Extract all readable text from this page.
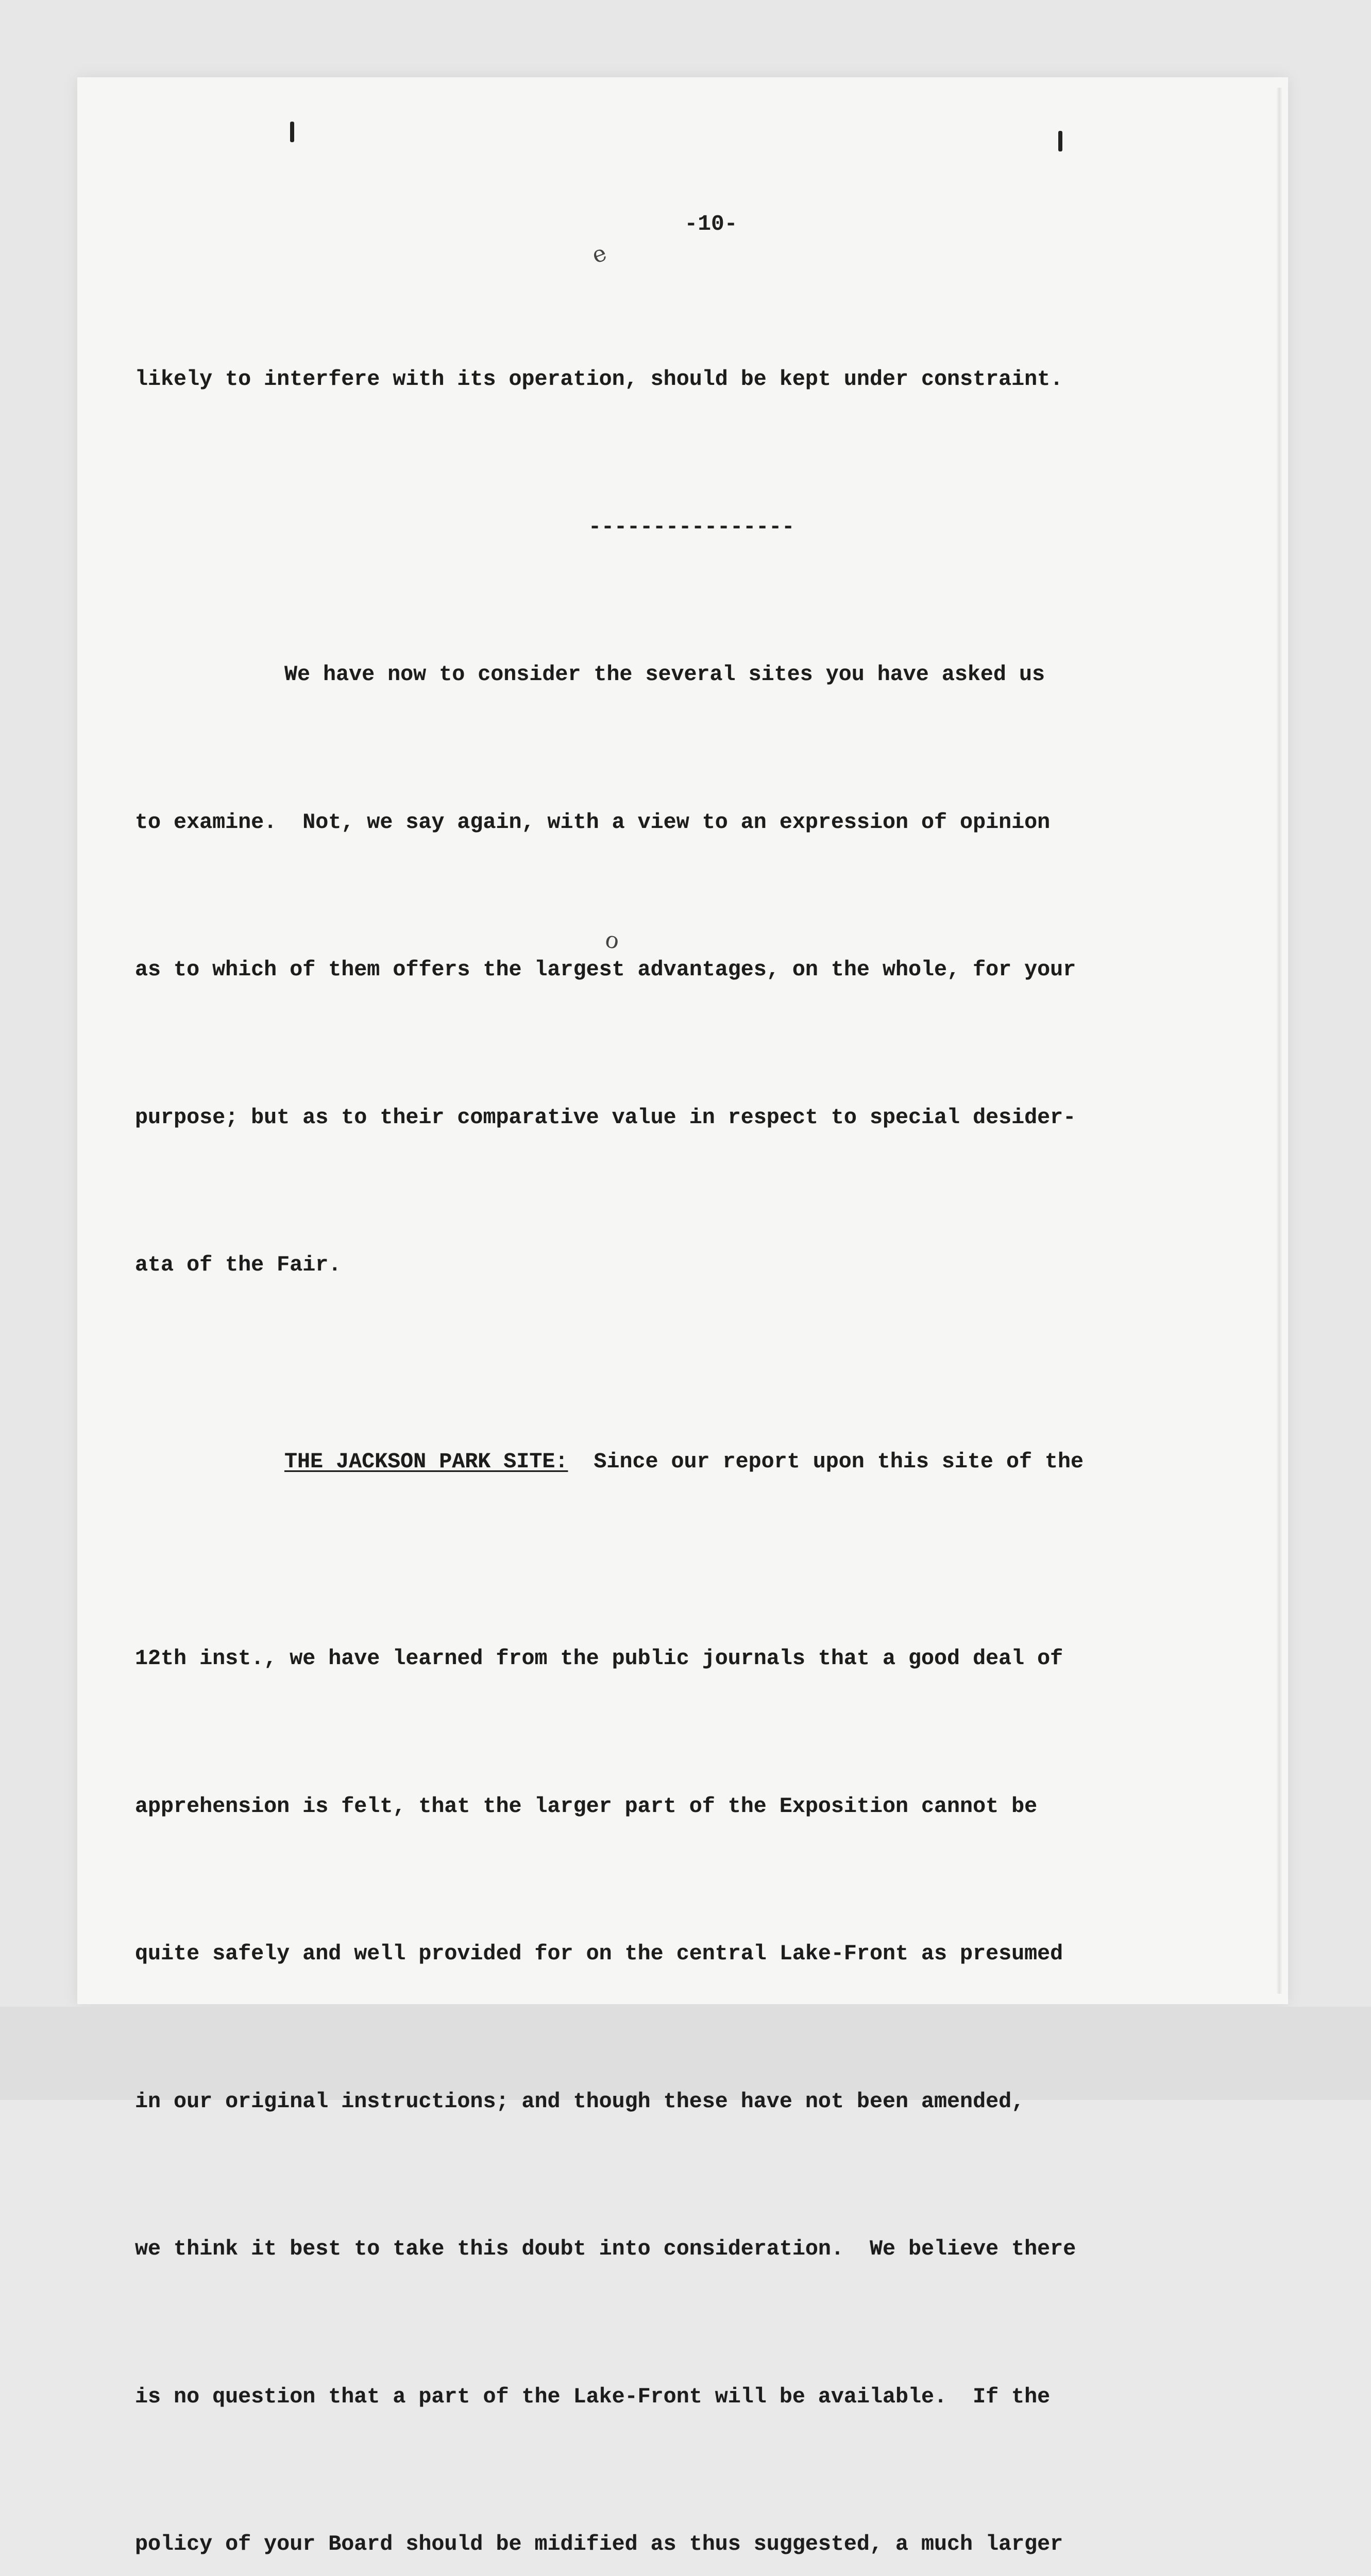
-10-
e
o

likely to interfere with its operation, should be kept under constraint.

----------------

We have now to consider the several sites you have asked us

to examine.  Not, we say again, with a view to an expression of opinion

as to which of them offers the largest advantages, on the whole, for your

purpose; but as to their comparative value in respect to special desider-

ata of the Fair.

THE JACKSON PARK SITE:  Since our report upon this site of the

12th inst., we have learned from the public journals that a good deal of

apprehension is felt, that the larger part of the Exposition cannot be

quite safely and well provided for on the central Lake-Front as presumed

in our original instructions; and though these have not been amended,

we think it best to take this doubt into consideration.  We believe there

is no question that a part of the Lake-Front will be available.  If the

policy of your Board should be midified as thus suggested, a much larger
